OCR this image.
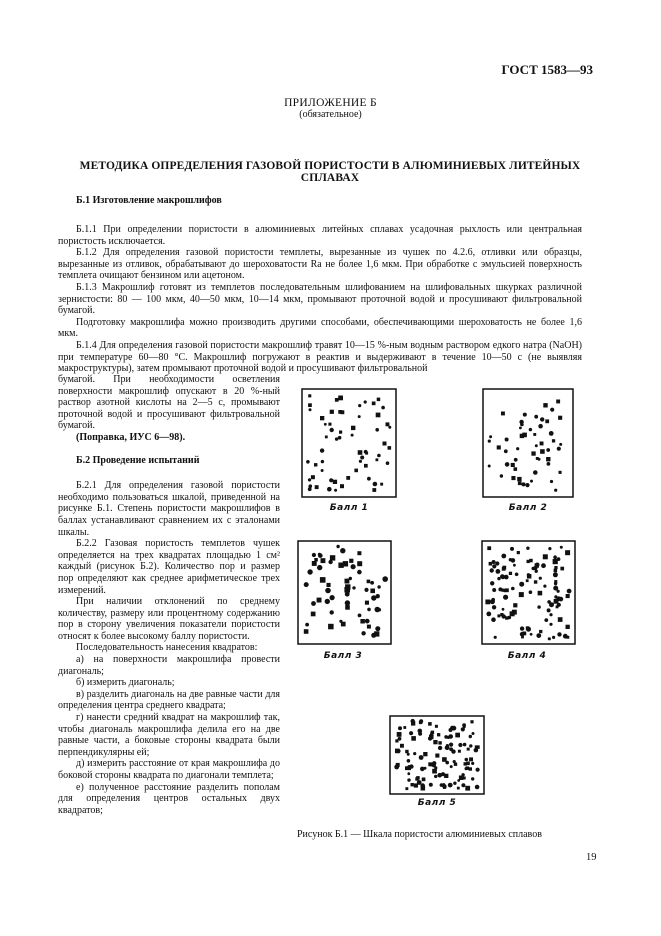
ГОСТ 1583—93
ПРИЛОЖЕНИЕ Б
(обязательное)
МЕТОДИКА ОПРЕДЕЛЕНИЯ ГАЗОВОЙ ПОРИСТОСТИ В АЛЮМИНИЕВЫХ ЛИТЕЙНЫХ СПЛАВАХ
Б.1 Изготовление макрошлифов

Б.1.1 При определении пористости в алюминиевых литейных сплавах усадочная рыхлость или центральная пористость исключается.

Б.1.2 Для определения газовой пористости темплеты, вырезанные из чушек по 4.2.6, отливки или образцы, вырезанные из отливок, обрабатывают до шероховатости Ra не более 1,6 мкм. При обработке с эмульсией поверхность темплета очищают бензином или ацетоном.

Б.1.3 Макрошлиф готовят из темплетов последовательным шлифованием на шлифовальных шкурках различной зернистости: 80 — 100 мкм, 40—50 мкм, 10—14 мкм, промывают проточной водой и просушивают фильтровальной бумагой.

Подготовку макрошлифа можно производить другими способами, обеспечивающими шероховатость не более 1,6 мкм.

Б.1.4 Для определения газовой пористости макрошлиф травят 10—15 %-ным водным раствором едкого натра (NaOH) при температуре 60—80 °С. Макрошлиф погружают в реактив и выдерживают в течение 10—50 с (не выявляя макроструктуры), затем промывают проточной водой и просушивают фильтровальной

бумагой. При необходимости осветления поверхности макрошлиф опускают в 20 %-ный раствор азотной кислоты на 2—5 с, промывают проточной водой и просушивают фильтровальной бумагой.

(Поправка, ИУС 6—98).

Б.2 Проведение испытаний

Б.2.1 Для определения газовой пористости необходимо пользоваться шкалой, приведенной на рисунке Б.1. Степень пористости макрошлифов в баллах устанавливают сравнением их с эталонами шкалы.

Б.2.2 Газовая пористость темплетов чушек определяется на трех квадратах площадью 1 см² каждый (рисунок Б.2). Количество пор и размер пор определяют как среднее арифметическое трех измерений.

При наличии отклонений по среднему количеству, размеру или процентному содержанию пор в сторону увеличения показатели пористости относят к более высокому баллу пористости.

Последовательность нанесения квадратов:

а) на поверхности макрошлифа провести диагональ;

б) измерить диагональ;

в) разделить диагональ на две равные части для определения центра среднего квадрата;

г) нанести средний квадрат на макрошлиф так, чтобы диагональ макрошлифа делила его на две равные части, а боковые стороны квадрата были перпендикулярны ей;

д) измерить расстояние от края макрошлифа до боковой стороны квадрата по диагонали темплета;

е) полученное расстояние разделить пополам для определения центров остальных двух квадратов;

Балл 1	Балл 2
Балл 3	Балл 4
Балл 5
Рисунок Б.1 — Шкала пористости алюминиевых сплавов
19
